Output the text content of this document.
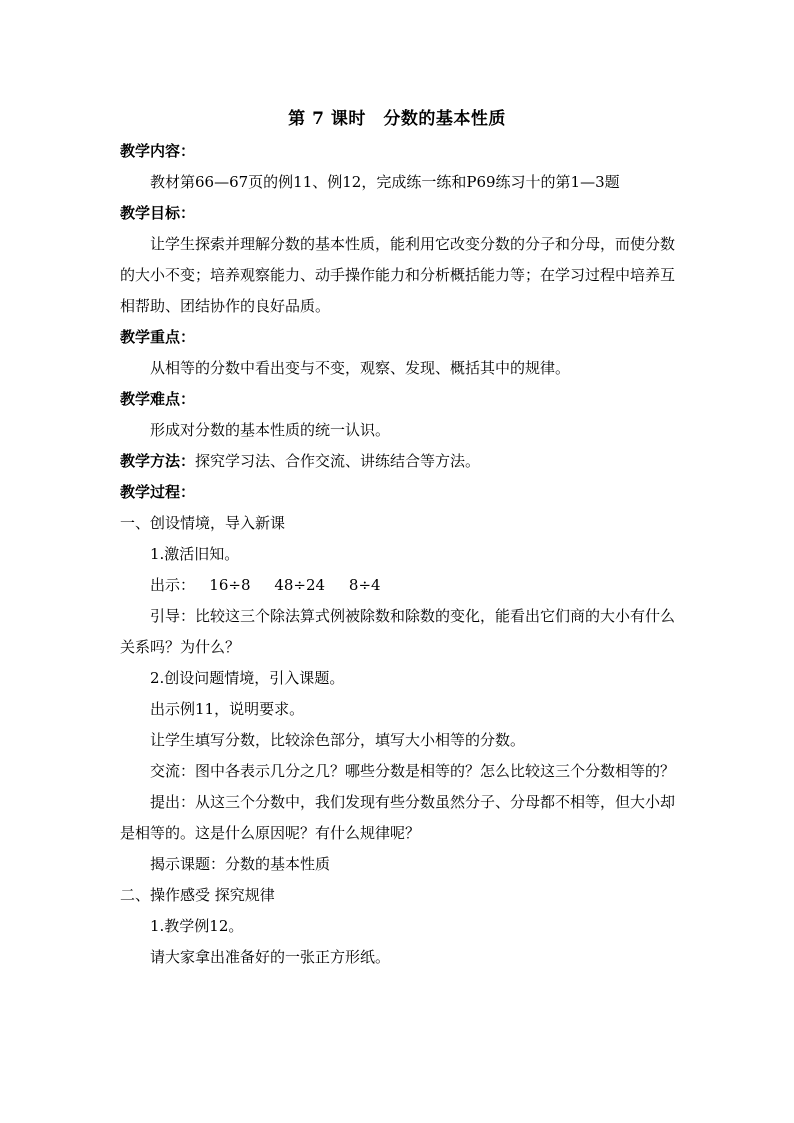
第 7 课时　分数的基本性质

教学内容：

教材第66—67页的例11、例12，完成练一练和P69练习十的第1—3题

教学目标：

让学生探索并理解分数的基本性质，能利用它改变分数的分子和分母，而使分数的大小不变；培养观察能力、动手操作能力和分析概括能力等；在学习过程中培养互相帮助、团结协作的良好品质。

教学重点：

从相等的分数中看出变与不变，观察、发现、概括其中的规律。

教学难点：

形成对分数的基本性质的统一认识。

教学方法：探究学习法、合作交流、讲练结合等方法。

教学过程：

一、创设情境，导入新课

1.激活旧知。

出示：   16÷8     48÷24     8÷4

引导：比较这三个除法算式例被除数和除数的变化，能看出它们商的大小有什么关系吗？为什么？

2.创设问题情境，引入课题。

出示例11，说明要求。

让学生填写分数，比较涂色部分，填写大小相等的分数。

交流：图中各表示几分之几？哪些分数是相等的？怎么比较这三个分数相等的？

提出：从这三个分数中，我们发现有些分数虽然分子、分母都不相等，但大小却是相等的。这是什么原因呢？有什么规律呢？

揭示课题：分数的基本性质

二、操作感受 探究规律

1.教学例12。

请大家拿出准备好的一张正方形纸。
